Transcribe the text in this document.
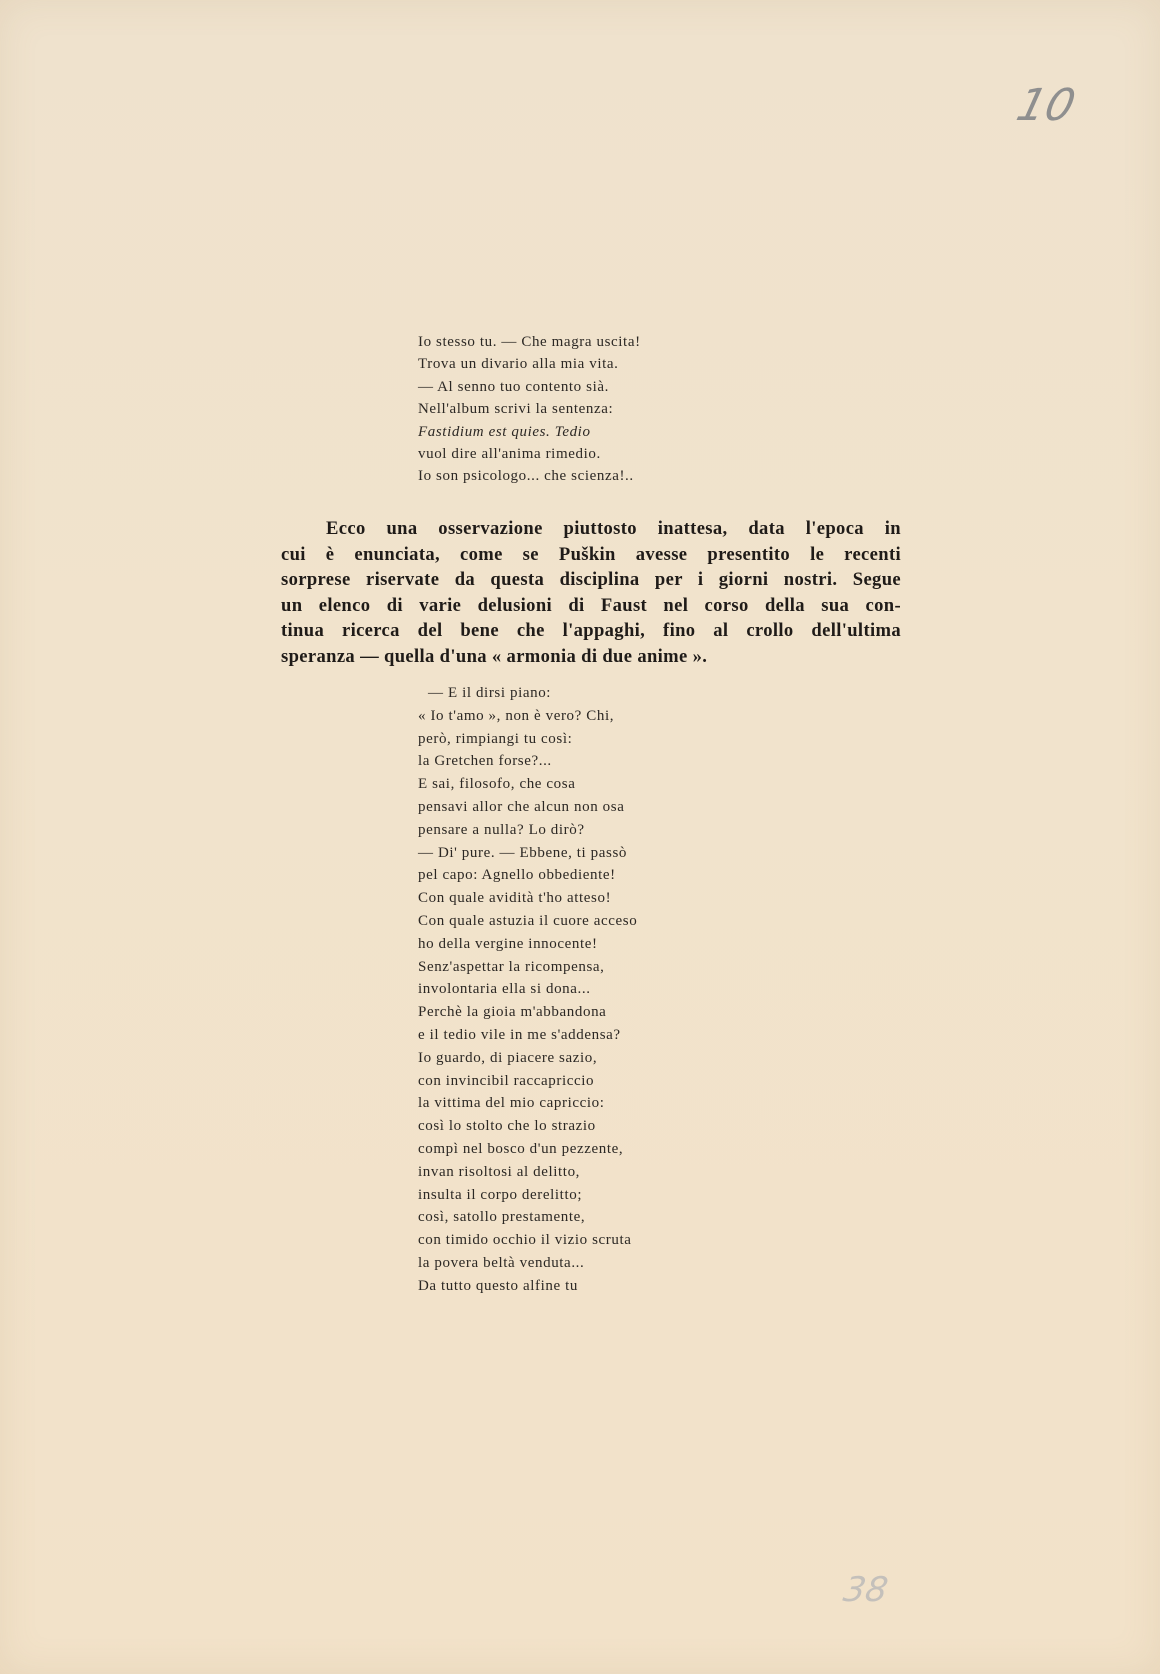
10
Io stesso tu. — Che magra uscita!
Trova un divario alla mia vita.
— Al senno tuo contento sià.
Nell'album scrivi la sentenza:
Fastidium est quies. Tedio
vuol dire all'anima rimedio.
Io son psicologo... che scienza!..

Ecco una osservazione piuttosto inattesa, data l'epoca in
cui è enunciata, come se Puškin avesse presentito le recenti
sorprese riservate da questa disciplina per i giorni nostri. Segue
un elenco di varie delusioni di Faust nel corso della sua con-
tinua ricerca del bene che l'appaghi, fino al crollo dell'ultima
speranza — quella d'una « armonia di due anime ».

— E il dirsi piano:
« Io t'amo », non è vero? Chi,
però, rimpiangi tu così:
la Gretchen forse?...
E sai, filosofo, che cosa
pensavi allor che alcun non osa
pensare a nulla? Lo dirò?
— Di' pure. — Ebbene, ti passò
pel capo: Agnello obbediente!
Con quale avidità t'ho atteso!
Con quale astuzia il cuore acceso
ho della vergine innocente!
Senz'aspettar la ricompensa,
involontaria ella si dona...
Perchè la gioia m'abbandona
e il tedio vile in me s'addensa?
Io guardo, di piacere sazio,
con invincibil raccapriccio
la vittima del mio capriccio:
così lo stolto che lo strazio
compì nel bosco d'un pezzente,
invan risoltosi al delitto,
insulta il corpo derelitto;
così, satollo prestamente,
con timido occhio il vizio scruta
la povera beltà venduta...
Da tutto questo alfine tu
38
